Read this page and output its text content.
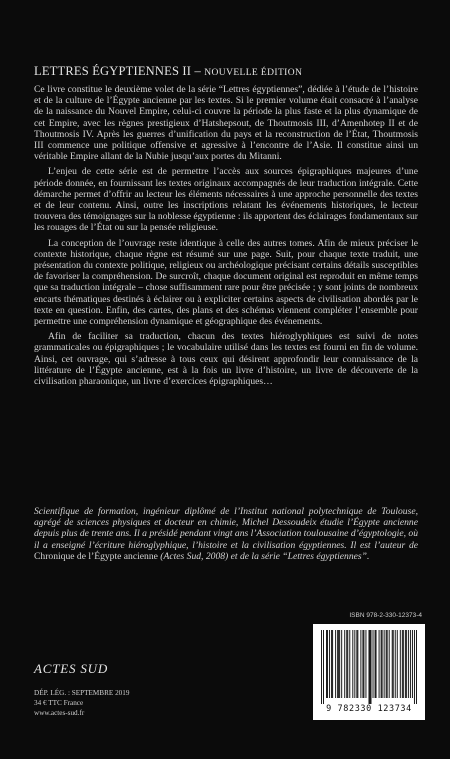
LETTRES ÉGYPTIENNES II – NOUVELLE ÉDITION

Ce livre constitue le deuxième volet de la série “Lettres égyptiennes”, dédiée à l’étude de l’histoire et de la culture de l’Égypte ancienne par les textes. Si le premier volume était consacré à l’analyse de la naissance du Nouvel Empire, celui-ci couvre la période la plus faste et la plus dynamique de cet Empire, avec les règnes prestigieux d’Hatshepsout, de Thoutmosis III, d’Amenhotep II et de Thoutmosis IV. Après les guerres d’unification du pays et la reconstruction de l’État, Thoutmosis III commence une politique offensive et agressive à l’encontre de l’Asie. Il constitue ainsi un véritable Empire allant de la Nubie jusqu’aux portes du Mitanni.

L’enjeu de cette série est de permettre l’accès aux sources épigraphiques majeures d’une période donnée, en fournissant les textes originaux accompagnés de leur traduction intégrale. Cette démarche permet d’offrir au lecteur les éléments nécessaires à une approche personnelle des textes et de leur contenu. Ainsi, outre les inscriptions relatant les événements historiques, le lecteur trouvera des témoignages sur la noblesse égyptienne : ils apportent des éclairages fondamentaux sur les rouages de l’État ou sur la pensée religieuse.

La conception de l’ouvrage reste identique à celle des autres tomes. Afin de mieux préciser le contexte historique, chaque règne est résumé sur une page. Suit, pour chaque texte traduit, une présentation du contexte politique, religieux ou archéologique précisant certains détails susceptibles de favoriser la compréhension. De surcroît, chaque document original est reproduit en même temps que sa traduction intégrale – chose suffisamment rare pour être précisée ; y sont joints de nombreux encarts thématiques destinés à éclairer ou à expliciter certains aspects de civilisation abordés par le texte en question. Enfin, des cartes, des plans et des schémas viennent compléter l’ensemble pour permettre une compréhension dynamique et géographique des événements.

Afin de faciliter sa traduction, chacun des textes hiéroglyphiques est suivi de notes grammaticales ou épigraphiques ; le vocabulaire utilisé dans les textes est fourni en fin de volume. Ainsi, cet ouvrage, qui s’adresse à tous ceux qui désirent approfondir leur connaissance de la littérature de l’Égypte ancienne, est à la fois un livre d’histoire, un livre de découverte de la civilisation pharaonique, un livre d’exercices épigraphiques…

Scientifique de formation, ingénieur diplômé de l’Institut national polytechnique de Toulouse, agrégé de sciences physiques et docteur en chimie, Michel Dessoudeix étudie l’Égypte ancienne depuis plus de trente ans. Il a présidé pendant vingt ans l’Association toulousaine d’égyptologie, où il a enseigné l’écriture hiéroglyphique, l’histoire et la civilisation égyptiennes. Il est l’auteur de Chronique de l’Égypte ancienne (Actes Sud, 2008) et de la série “Lettres égyptiennes”.
ISBN 978-2-330-12373-4
9 782330 123734
ACTES SUD
DÉP. LÉG. : SEPTEMBRE 2019
34 € TTC France
www.actes-sud.fr
